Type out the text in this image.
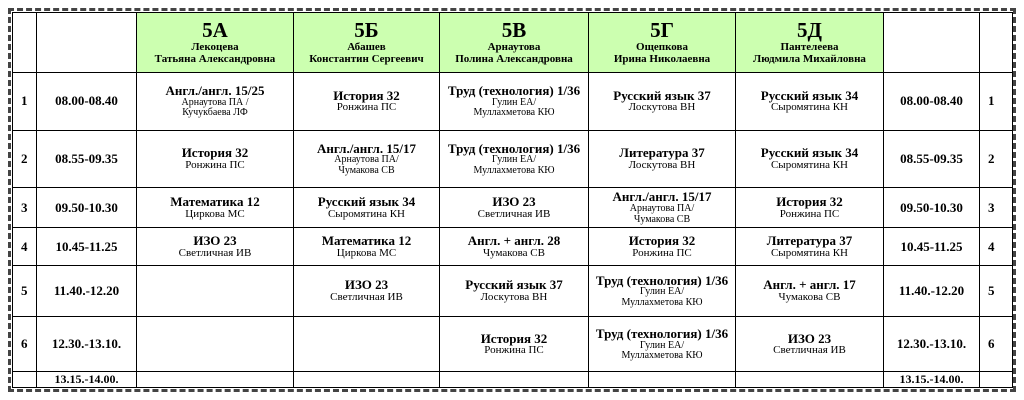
		5А
Лекоцева
Татьяна Александровна	5Б
Абашев
Константин Сергеевич	5В
Арнаутова
Полина Александровна	5Г
Ощепкова
Ирина Николаевна	5Д
Пантелеева
Людмила Михайловна		

1	08.00-08.40	Англ./англ. 15/25
Арнаутова ПА /
Кучукбаева ЛФ	История 32
Ронжина ПС	Труд (технология) 1/36
Гулин ЕА/
Муллахметова КЮ	Русский язык 37
Лоскутова ВН	Русский язык 34
Сыромятина КН	08.00-08.40	1
2	08.55-09.35	История 32
Ронжина ПС	Англ./англ. 15/17
Арнаутова ПА/
Чумакова СВ	Труд (технология) 1/36
Гулин ЕА/
Муллахметова КЮ	Литература 37
Лоскутова ВН	Русский язык 34
Сыромятина КН	08.55-09.35	2
3	09.50-10.30	Математика 12
Циркова МС	Русский язык 34
Сыромятина КН	ИЗО 23
Светличная ИВ	Англ./англ. 15/17
Арнаутова ПА/
Чумакова СВ	История 32
Ронжина ПС	09.50-10.30	3
4	10.45-11.25	ИЗО 23
Светличная ИВ	Математика 12
Циркова МС	Англ. + англ. 28
Чумакова СВ	История 32
Ронжина ПС	Литература 37
Сыромятина КН	10.45-11.25	4
5	11.40.-12.20		ИЗО 23
Светличная ИВ	Русский язык 37
Лоскутова ВН	Труд (технология) 1/36
Гулин ЕА/
Муллахметова КЮ	Англ. + англ. 17
Чумакова СВ	11.40.-12.20	5
6	12.30.-13.10.			История 32
Ронжина ПС	Труд (технология) 1/36
Гулин ЕА/
Муллахметова КЮ	ИЗО 23
Светличная ИВ	12.30.-13.10.	6
	13.15.-14.00.						13.15.-14.00.	
